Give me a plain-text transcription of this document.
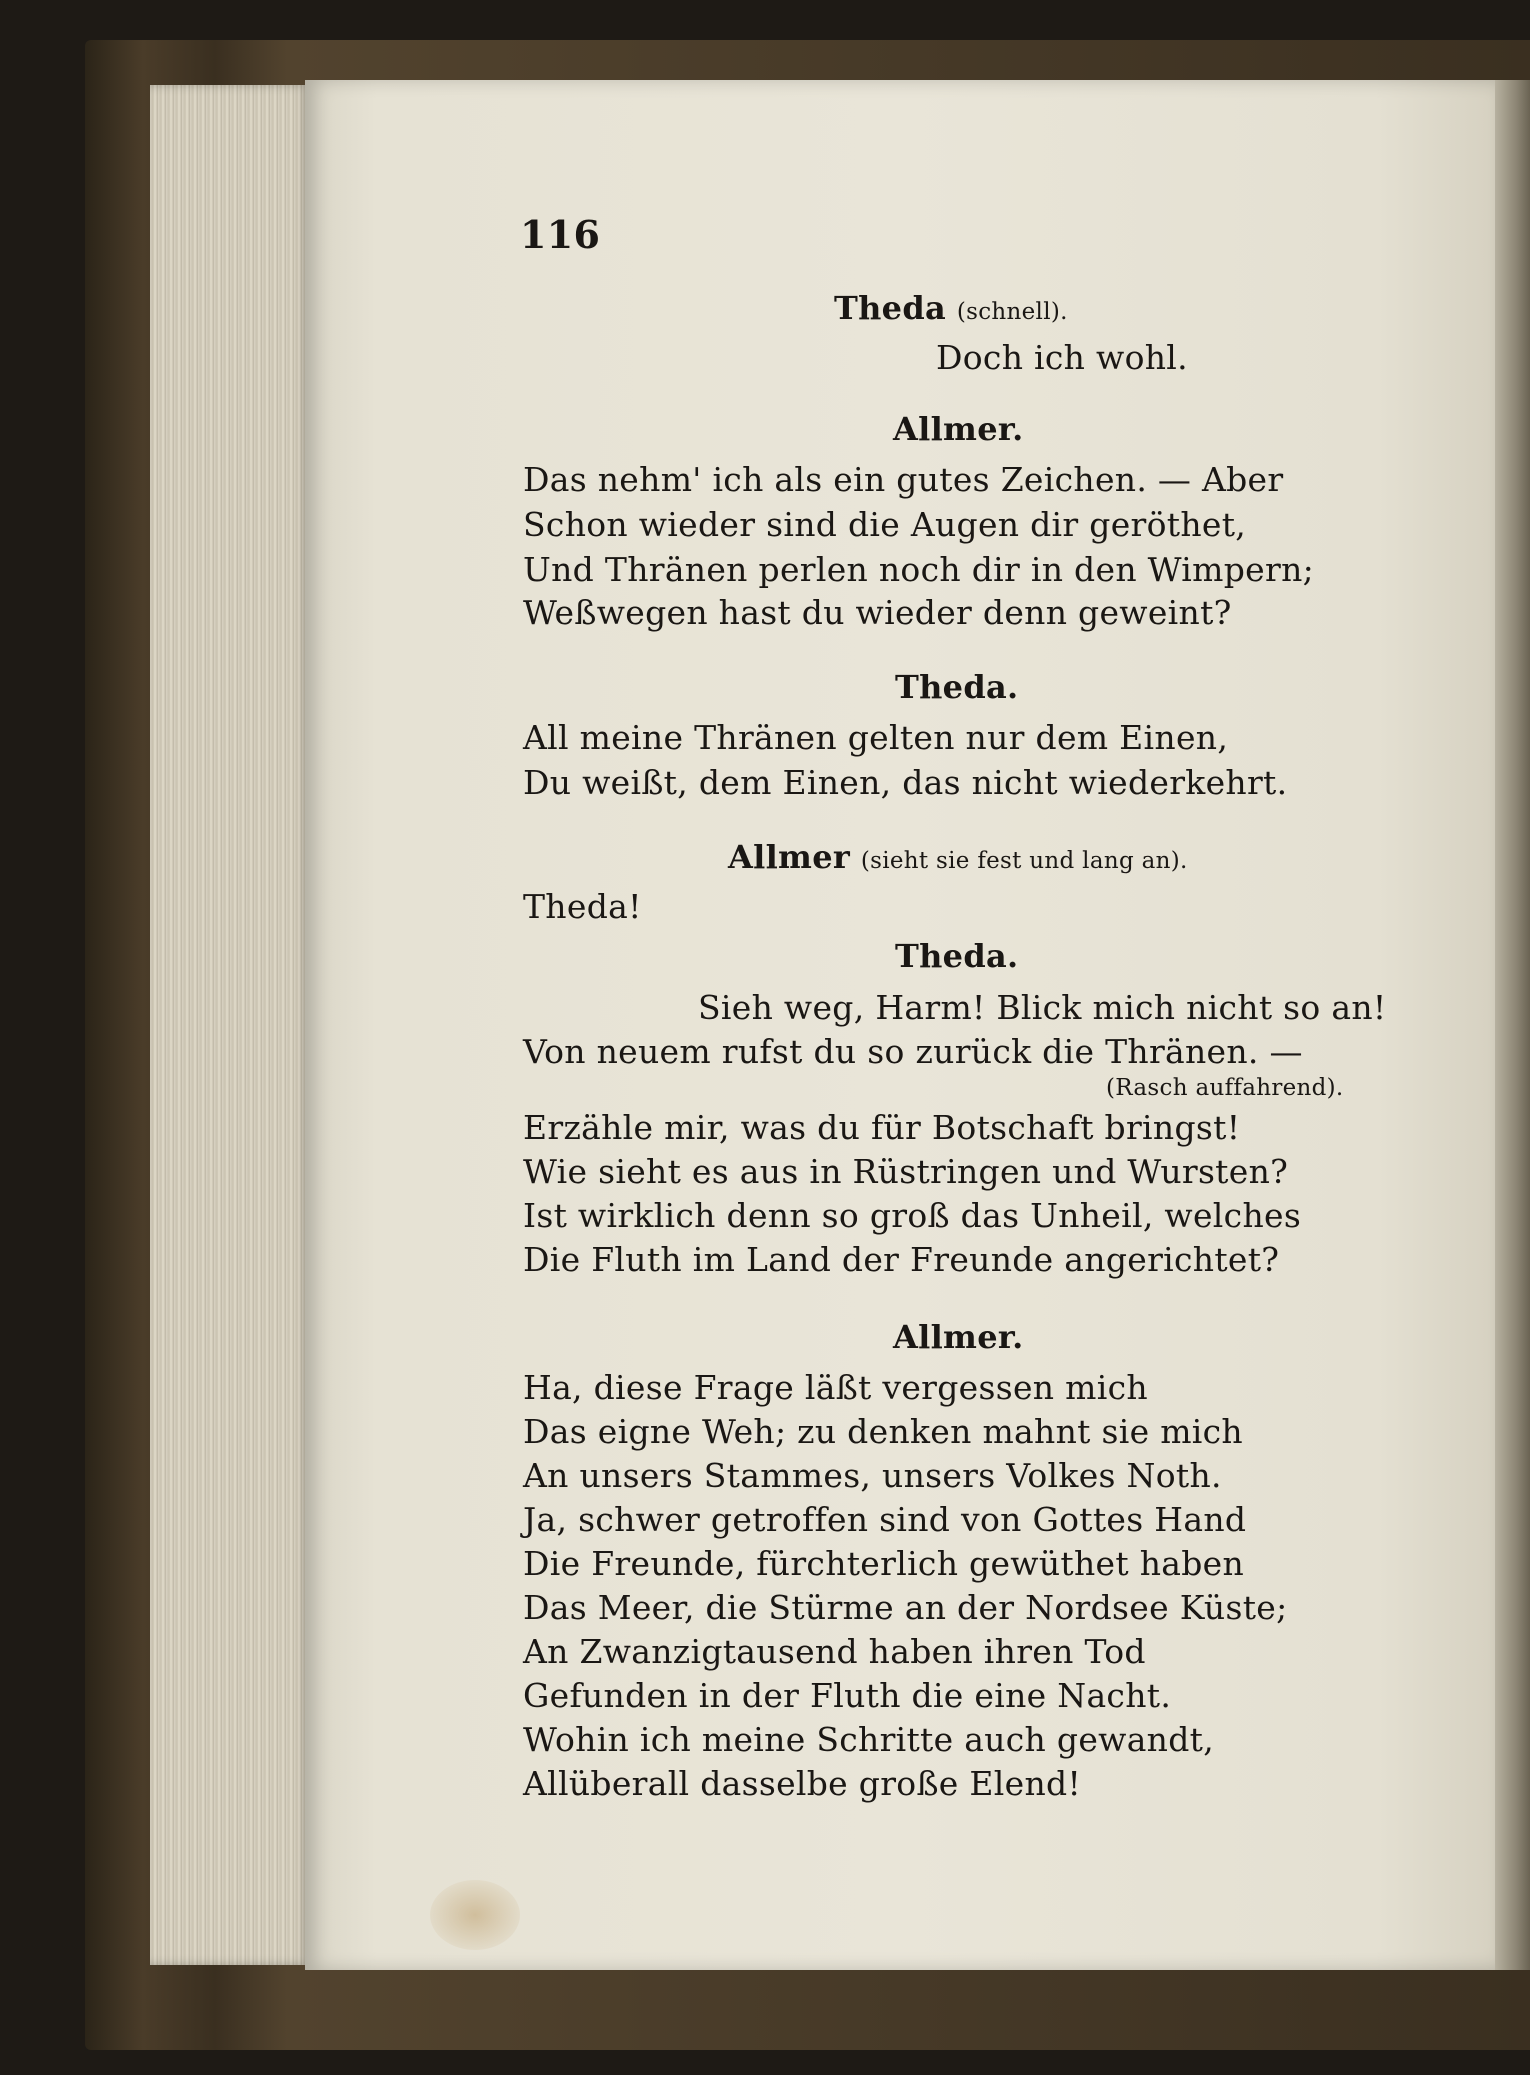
116
Theda (schnell).
Doch ich wohl.
Allmer.
Das nehm' ich als ein gutes Zeichen. — Aber
Schon wieder sind die Augen dir geröthet,
Und Thränen perlen noch dir in den Wimpern;
Weßwegen hast du wieder denn geweint?
Theda.
All meine Thränen gelten nur dem Einen,
Du weißt, dem Einen, das nicht wiederkehrt.
Allmer (sieht sie fest und lang an).
Theda!
Theda.
Sieh weg, Harm! Blick mich nicht so an!
Von neuem rufst du so zurück die Thränen. —
(Rasch auffahrend).
Erzähle mir, was du für Botschaft bringst!
Wie sieht es aus in Rüstringen und Wursten?
Ist wirklich denn so groß das Unheil, welches
Die Fluth im Land der Freunde angerichtet?
Allmer.
Ha, diese Frage läßt vergessen mich
Das eigne Weh; zu denken mahnt sie mich
An unsers Stammes, unsers Volkes Noth.
Ja, schwer getroffen sind von Gottes Hand
Die Freunde, fürchterlich gewüthet haben
Das Meer, die Stürme an der Nordsee Küste;
An Zwanzigtausend haben ihren Tod
Gefunden in der Fluth die eine Nacht.
Wohin ich meine Schritte auch gewandt,
Allüberall dasselbe große Elend!
